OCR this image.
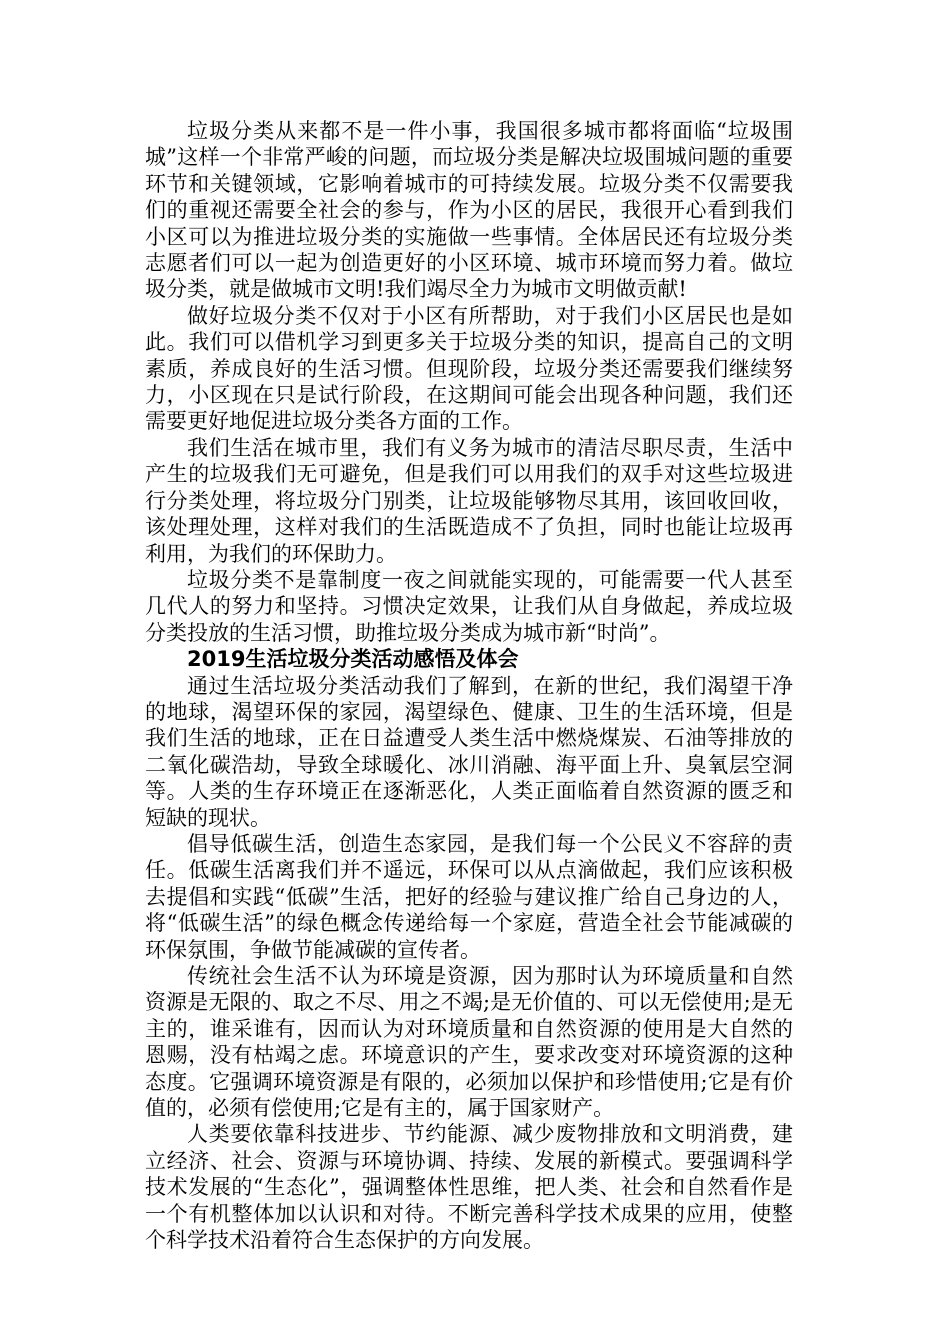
垃圾分类从来都不是一件小事，我国很多城市都将面临“垃圾围城”这样一个非常严峻的问题，而垃圾分类是解决垃圾围城问题的重要环节和关键领域，它影响着城市的可持续发展。垃圾分类不仅需要我们的重视还需要全社会的参与，作为小区的居民，我很开心看到我们小区可以为推进垃圾分类的实施做一些事情。全体居民还有垃圾分类志愿者们可以一起为创造更好的小区环境、城市环境而努力着。做垃圾分类，就是做城市文明!我们竭尽全力为城市文明做贡献!

做好垃圾分类不仅对于小区有所帮助，对于我们小区居民也是如此。我们可以借机学习到更多关于垃圾分类的知识，提高自己的文明素质，养成良好的生活习惯。但现阶段，垃圾分类还需要我们继续努力，小区现在只是试行阶段，在这期间可能会出现各种问题，我们还需要更好地促进垃圾分类各方面的工作。

我们生活在城市里，我们有义务为城市的清洁尽职尽责，生活中产生的垃圾我们无可避免，但是我们可以用我们的双手对这些垃圾进行分类处理，将垃圾分门别类，让垃圾能够物尽其用，该回收回收，该处理处理，这样对我们的生活既造成不了负担，同时也能让垃圾再利用，为我们的环保助力。

垃圾分类不是靠制度一夜之间就能实现的，可能需要一代人甚至几代人的努力和坚持。习惯决定效果，让我们从自身做起，养成垃圾分类投放的生活习惯，助推垃圾分类成为城市新“时尚”。

2019生活垃圾分类活动感悟及体会

通过生活垃圾分类活动我们了解到，在新的世纪，我们渴望干净的地球，渴望环保的家园，渴望绿色、健康、卫生的生活环境，但是我们生活的地球，正在日益遭受人类生活中燃烧煤炭、石油等排放的二氧化碳浩劫，导致全球暖化、冰川消融、海平面上升、臭氧层空洞等。人类的生存环境正在逐渐恶化，人类正面临着自然资源的匮乏和短缺的现状。

倡导低碳生活，创造生态家园，是我们每一个公民义不容辞的责任。低碳生活离我们并不遥远，环保可以从点滴做起，我们应该积极去提倡和实践“低碳”生活，把好的经验与建议推广给自己身边的人，将“低碳生活”的绿色概念传递给每一个家庭，营造全社会节能减碳的环保氛围，争做节能减碳的宣传者。

传统社会生活不认为环境是资源，因为那时认为环境质量和自然资源是无限的、取之不尽、用之不竭;是无价值的、可以无偿使用;是无主的，谁采谁有，因而认为对环境质量和自然资源的使用是大自然的恩赐，没有枯竭之虑。环境意识的产生，要求改变对环境资源的这种态度。它强调环境资源是有限的，必须加以保护和珍惜使用;它是有价值的，必须有偿使用;它是有主的，属于国家财产。

人类要依靠科技进步、节约能源、减少废物排放和文明消费，建立经济、社会、资源与环境协调、持续、发展的新模式。要强调科学技术发展的“生态化”，强调整体性思维，把人类、社会和自然看作是一个有机整体加以认识和对待。不断完善科学技术成果的应用，使整个科学技术沿着符合生态保护的方向发展。
